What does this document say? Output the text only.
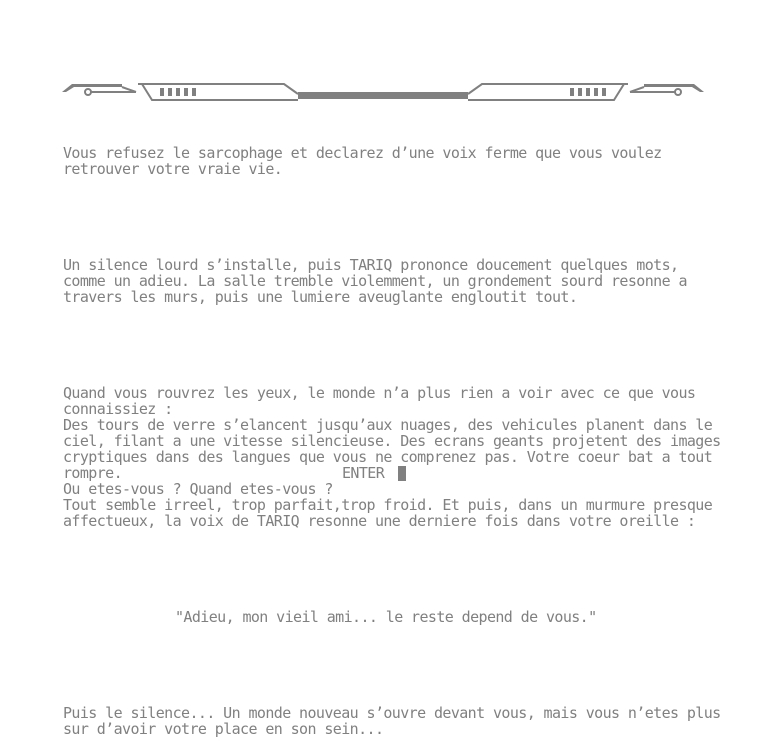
Vous refusez le sarcophage et declarez d’une voix ferme que vous voulez
retrouver votre vraie vie.

Un silence lourd s’installe, puis TARIQ prononce doucement quelques mots,
comme un adieu. La salle tremble violemment, un grondement sourd resonne a
travers les murs, puis une lumiere aveuglante engloutit tout.

Quand vous rouvrez les yeux, le monde n’a plus rien a voir avec ce que vous
connaissiez :
Des tours de verre s’elancent jusqu’aux nuages, des vehicules planent dans le
ciel, filant a une vitesse silencieuse. Des ecrans geants projetent des images
cryptiques dans des langues que vous ne comprenez pas. Votre coeur bat a tout
rompre.
Ou etes-vous ? Quand etes-vous ?
Tout semble irreel, trop parfait,trop froid. Et puis, dans un murmure presque
affectueux, la voix de TARIQ resonne une derniere fois dans votre oreille :

"Adieu, mon vieil ami... le reste depend de vous."

Puis le silence... Un monde nouveau s’ouvre devant vous, mais vous n’etes plus
sur d’avoir votre place en son sein...

ENTER
